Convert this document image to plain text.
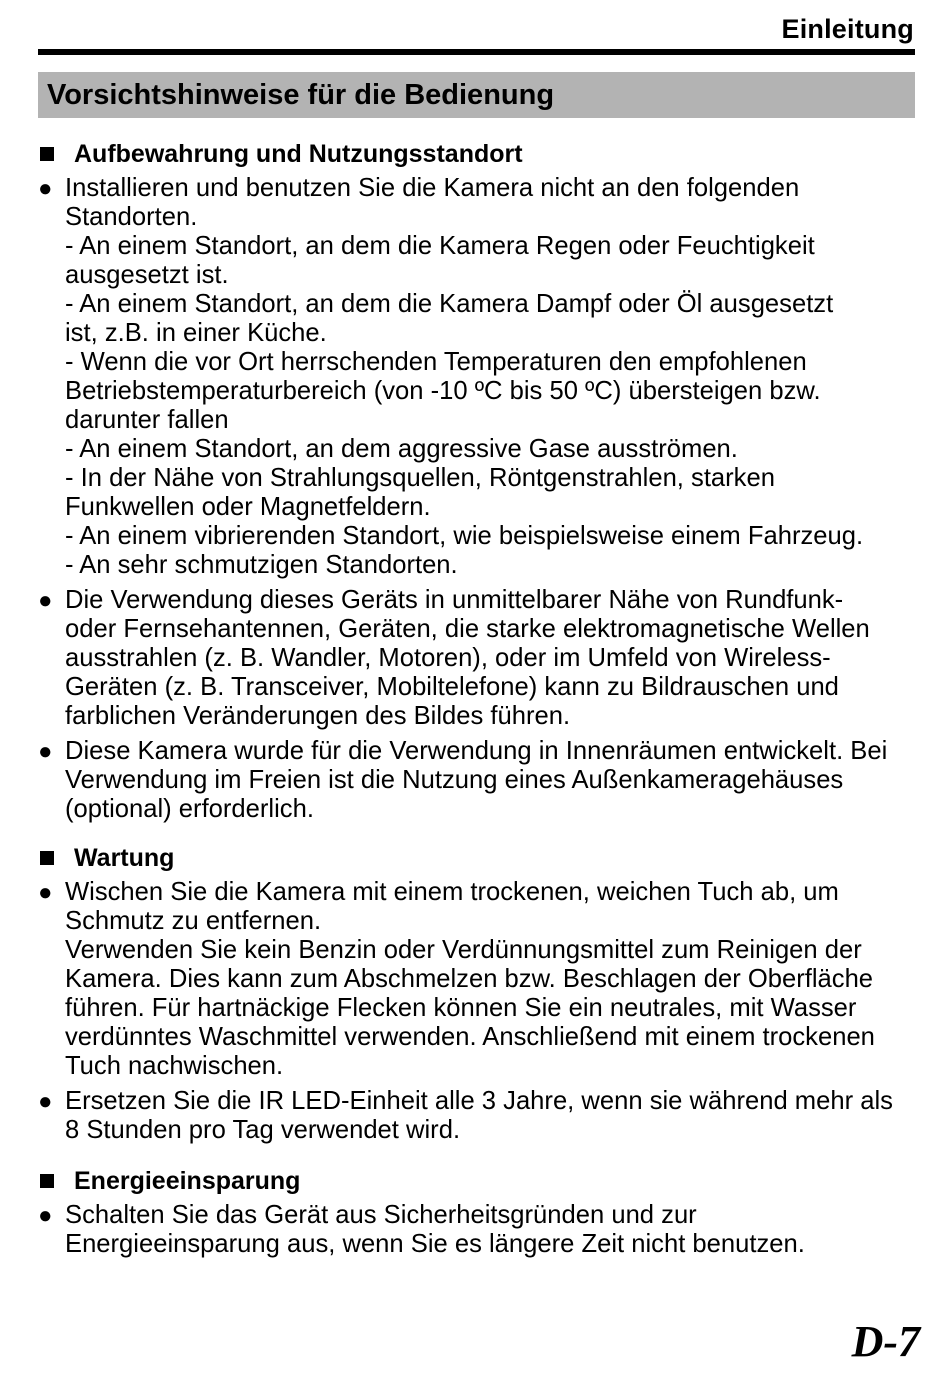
Einleitung
Vorsichtshinweise für die Bedienung
Aufbewahrung und Nutzungsstandort
● Installieren und benutzen Sie die Kamera nicht an den folgenden
Standorten.
- An einem Standort, an dem die Kamera Regen oder Feuchtigkeit
ausgesetzt ist.
- An einem Standort, an dem die Kamera Dampf oder Öl ausgesetzt
ist, z.B. in einer Küche.
- Wenn die vor Ort herrschenden Temperaturen den empfohlenen
Betriebstemperaturbereich (von -10 ºC bis 50 ºC) übersteigen bzw.
darunter fallen
- An einem Standort, an dem aggressive Gase ausströmen.
- In der Nähe von Strahlungsquellen, Röntgenstrahlen, starken
Funkwellen oder Magnetfeldern.
- An einem vibrierenden Standort, wie beispielsweise einem Fahrzeug.
- An sehr schmutzigen Standorten.
● Die Verwendung dieses Geräts in unmittelbarer Nähe von Rundfunk-
oder Fernsehantennen, Geräten, die starke elektromagnetische Wellen
ausstrahlen (z. B. Wandler, Motoren), oder im Umfeld von Wireless-
Geräten (z. B. Transceiver, Mobiltelefone) kann zu Bildrauschen und
farblichen Veränderungen des Bildes führen.
● Diese Kamera wurde für die Verwendung in Innenräumen entwickelt. Bei
Verwendung im Freien ist die Nutzung eines Außenkameragehäuses
(optional) erforderlich.
Wartung
● Wischen Sie die Kamera mit einem trockenen, weichen Tuch ab, um
Schmutz zu entfernen.
Verwenden Sie kein Benzin oder Verdünnungsmittel zum Reinigen der
Kamera. Dies kann zum Abschmelzen bzw. Beschlagen der Oberfläche
führen. Für hartnäckige Flecken können Sie ein neutrales, mit Wasser
verdünntes Waschmittel verwenden. Anschließend mit einem trockenen
Tuch nachwischen.
● Ersetzen Sie die IR LED-Einheit alle 3 Jahre, wenn sie während mehr als
8 Stunden pro Tag verwendet wird.
Energieeinsparung
● Schalten Sie das Gerät aus Sicherheitsgründen und zur
Energieeinsparung aus, wenn Sie es längere Zeit nicht benutzen.
D-7
